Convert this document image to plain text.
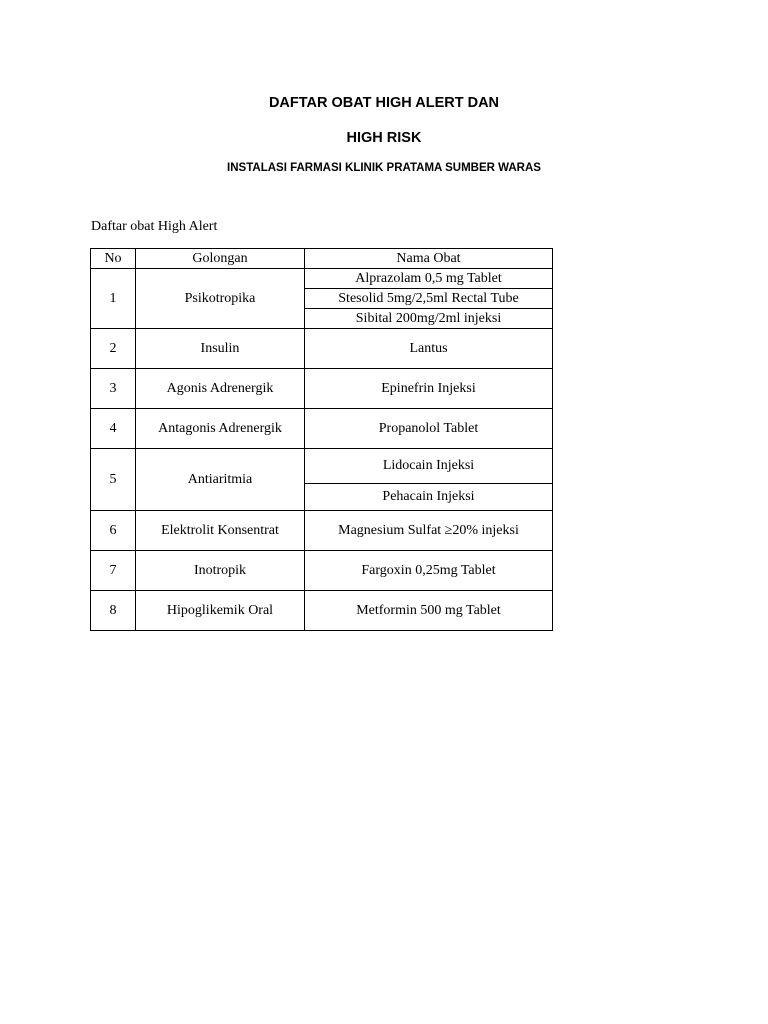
DAFTAR OBAT HIGH ALERT DAN
HIGH RISK
INSTALASI FARMASI KLINIK PRATAMA SUMBER WARAS
Daftar obat High Alert
No	Golongan	Nama Obat
1	Psikotropika	Alprazolam 0,5 mg Tablet
		Stesolid 5mg/2,5ml Rectal Tube
		Sibital 200mg/2ml injeksi
2	Insulin	Lantus
3	Agonis Adrenergik	Epinefrin Injeksi
4	Antagonis Adrenergik	Propanolol Tablet
5	Antiaritmia	Lidocain Injeksi
		Pehacain Injeksi
6	Elektrolit Konsentrat	Magnesium Sulfat ≥20% injeksi
7	Inotropik	Fargoxin 0,25mg Tablet
8	Hipoglikemik Oral	Metformin 500 mg Tablet
